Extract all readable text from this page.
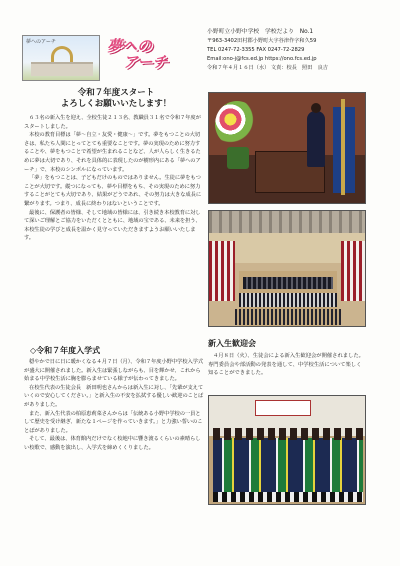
夢へのアーチ	夢への
アーチ
小野町立小野中学校　学校だより　No.1
〒963-3402田村郡小野町大字谷津作字和久59
TEL 0247-72-3355 FAX 0247-72-2829
Email:ono-j@fcs.ed.jp https://ono.fcs.ed.jp
令和７年４月１６日（水） 文責：校長　照田　良吉
令和７年度スタート
よろしくお願いいたします！

６３名の新入生を迎え、全校生徒２１３名、教職員３１名で令和７年度がスタートしました。

本校の教育目標は「夢～自立・友愛・健康～」です。夢をもつことの大切さは、私たち人間にとってとても重要なことです。夢の実現のために努力することや、夢をもつことで希望が生まれることなど、人が人らしく生きるために夢は大切であり、それを具体的に表現したのが樹形内にある「夢へのアーチ」で、本校のシンボルになっています。

「夢」をもつことは、子どもだけのものではありません。生徒に夢をもつことが大切です。縦つになっても、夢や目標をもち、その実現のために努力することがとても大切であり、結果がどうであれ、その努力は大きな成長に繋がります。つまり、成長に終わりはないということです。

最後に、保護者の皆様、そして地域の皆様には、引き続き本校教育に対して深いご理解とご協力をいただくとともに、地域の宝である、未来を担う、本校生徒の学びと成長を温かく見守っていただきますようお願いいたします。

◇令和７年度入学式

穏やかで日に日に暖かくなる４月７日（月）、令和７年度小野中学校入学式が盛大に開催されました。新入生は緊張しながらも、目を輝かせ、これから始まる中学校生活に胸を膨らませている様子が伝わってきました。

在校生代表の生徒会長　新田明也さんからは新入生に対し、「先輩が支えていくので安心してください。」と新入生の不安を払拭する優しい歓迎のことばがありました。

また、新入生代表の柏原恵莉菜さんからは「伝統ある小野中学校の一員として歴史を受け継ぎ、新たな１ページを作っていきます。」と力強い誓いのことばがありました。

そして、最後は、体育館内だけでなく校地中に響き渡るくらいの素晴らしい校歌で、感動を演出し、入学式を締めくくりました。

新入生歓迎会

４月８日（火）、生徒会による新入生歓迎会が開催されました。専門委員会や部活動の発表を通して、中学校生活について楽しく知ることができました。
